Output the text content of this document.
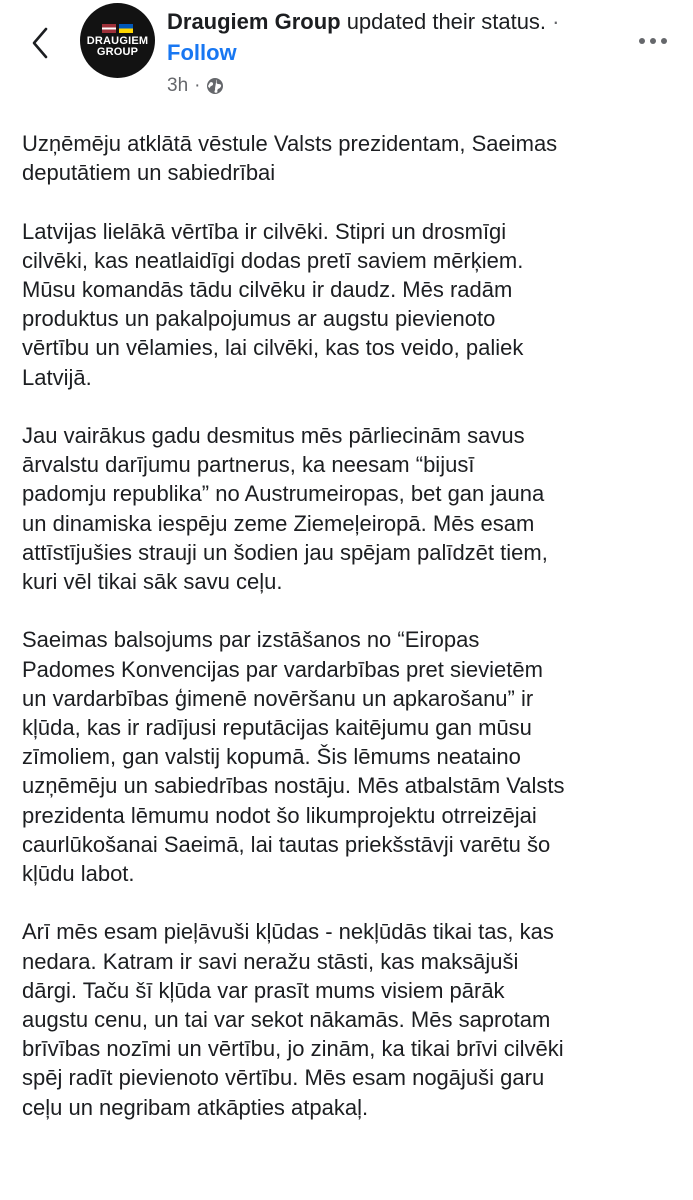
DRAUGIEM
GROUP
Draugiem Group updated their status. · Follow
3h ·

Uzņēmēju atklātā vēstule Valsts prezidentam, Saeimas
deputātiem un sabiedrībai

Latvijas lielākā vērtība ir cilvēki. Stipri un drosmīgi
cilvēki, kas neatlaidīgi dodas pretī saviem mērķiem.
Mūsu komandās tādu cilvēku ir daudz. Mēs radām
produktus un pakalpojumus ar augstu pievienoto
vērtību un vēlamies, lai cilvēki, kas tos veido, paliek
Latvijā.

Jau vairākus gadu desmitus mēs pārliecinām savus
ārvalstu darījumu partnerus, ka neesam “bijusī
padomju republika” no Austrumeiropas, bet gan jauna
un dinamiska iespēju zeme Ziemeļeiropā. Mēs esam
attīstījušies strauji un šodien jau spējam palīdzēt tiem,
kuri vēl tikai sāk savu ceļu.

Saeimas balsojums par izstāšanos no “Eiropas
Padomes Konvencijas par vardarbības pret sievietēm
un vardarbības ģimenē novēršanu un apkarošanu” ir
kļūda, kas ir radījusi reputācijas kaitējumu gan mūsu
zīmoliem, gan valstij kopumā. Šis lēmums neataino
uzņēmēju un sabiedrības nostāju. Mēs atbalstām Valsts
prezidenta lēmumu nodot šo likumprojektu otrreizējai
caurlūkošanai Saeimā, lai tautas priekšstāvji varētu šo
kļūdu labot.

Arī mēs esam pieļāvuši kļūdas - nekļūdās tikai tas, kas
nedara. Katram ir savi neražu stāsti, kas maksājuši
dārgi. Taču šī kļūda var prasīt mums visiem pārāk
augstu cenu, un tai var sekot nākamās. Mēs saprotam
brīvības nozīmi un vērtību, jo zinām, ka tikai brīvi cilvēki
spēj radīt pievienoto vērtību. Mēs esam nogājuši garu
ceļu un negribam atkāpties atpakaļ.
